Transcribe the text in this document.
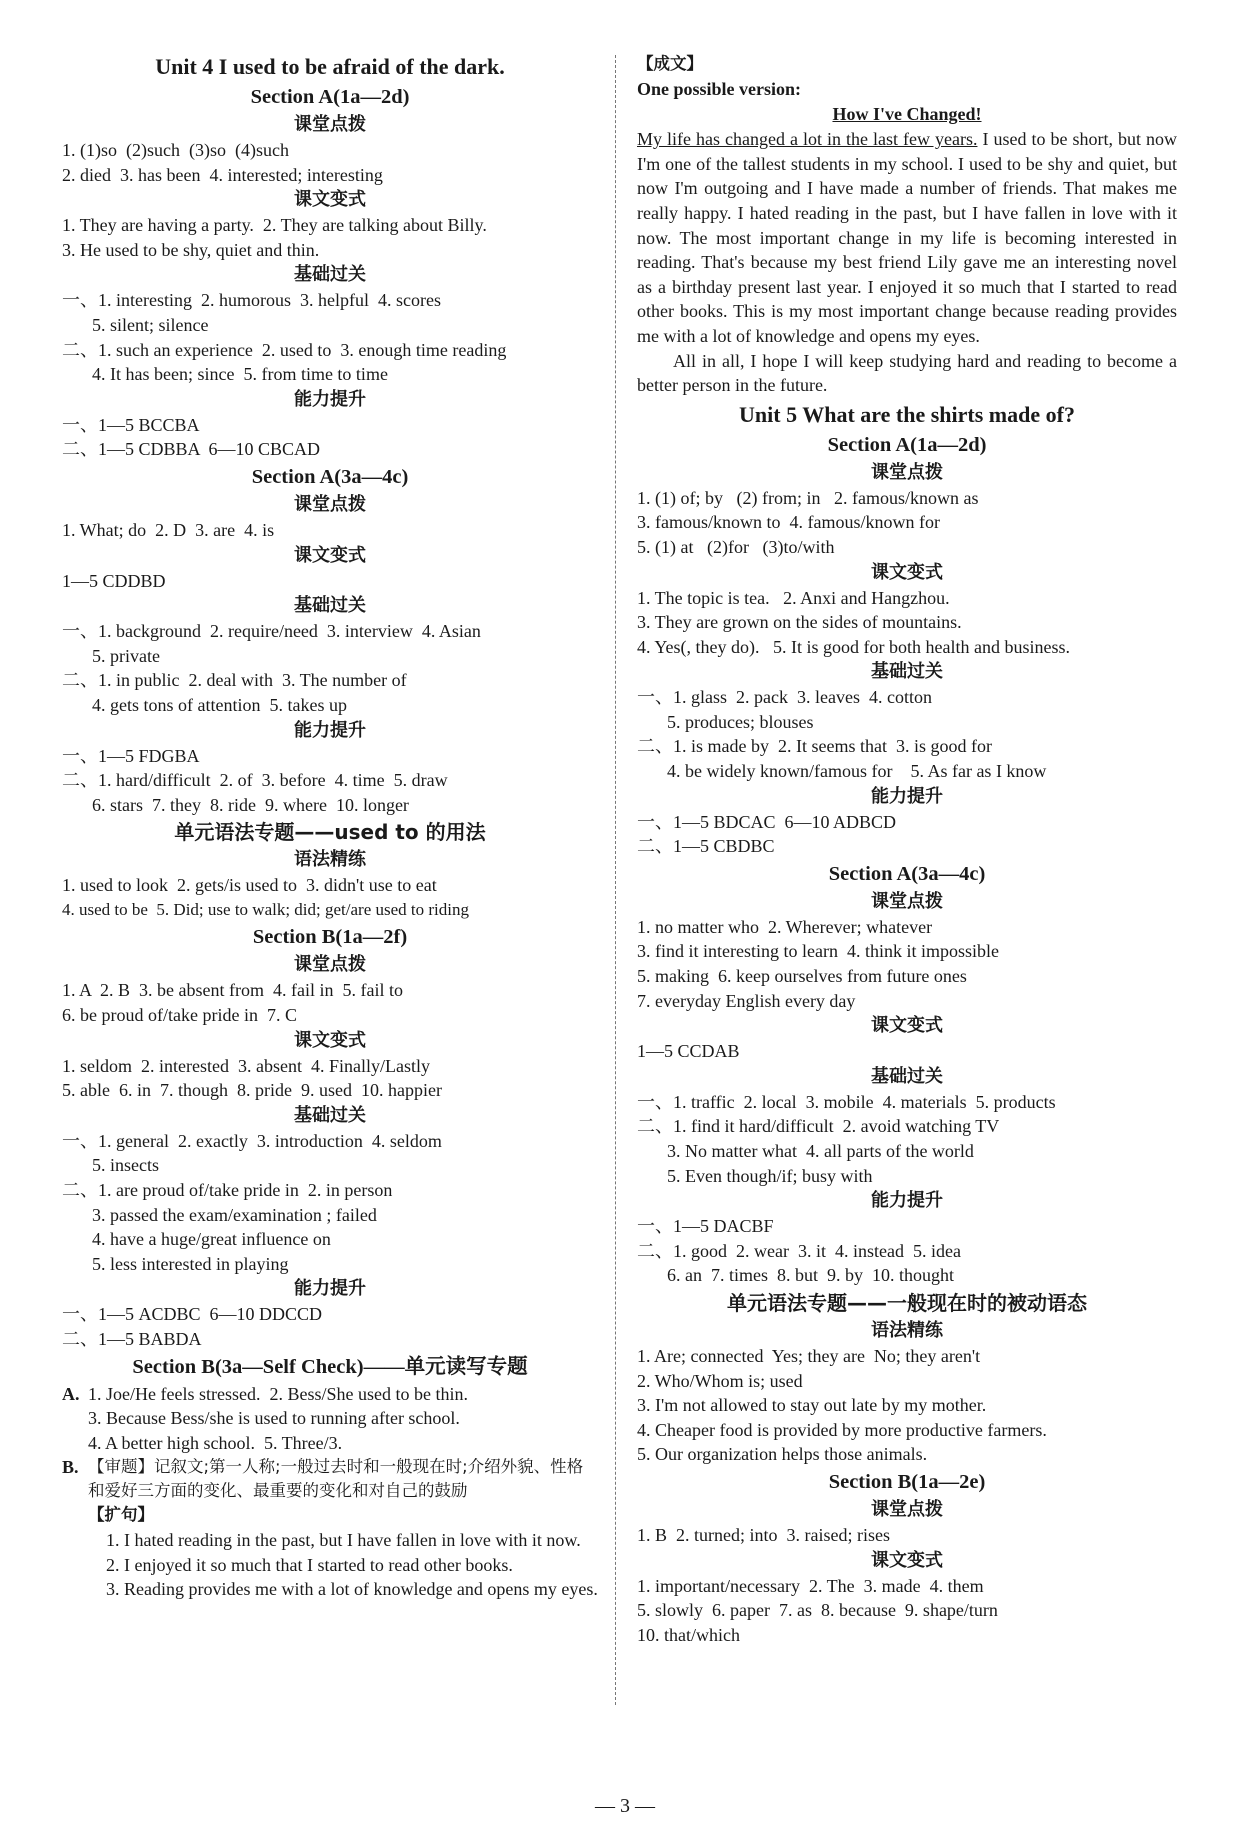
Unit 4 I used to be afraid of the dark.
Section A(1a—2d)
课堂点拨
1. (1)so  (2)such  (3)so  (4)such
2. died  3. has been  4. interested; interesting
课文变式
1. They are having a party.  2. They are talking about Billy.
3. He used to be shy, quiet and thin.
基础过关
一、1. interesting  2. humorous  3. helpful  4. scores
5. silent; silence
二、1. such an experience  2. used to  3. enough time reading
4. It has been; since  5. from time to time
能力提升
一、1—5 BCCBA
二、1—5 CDBBA  6—10 CBCAD
Section A(3a—4c)
课堂点拨
1. What; do  2. D  3. are  4. is
课文变式
1—5 CDDBD
基础过关
一、1. background  2. require/need  3. interview  4. Asian
5. private
二、1. in public  2. deal with  3. The number of
4. gets tons of attention  5. takes up
能力提升
一、1—5 FDGBA
二、1. hard/difficult  2. of  3. before  4. time  5. draw
6. stars  7. they  8. ride  9. where  10. longer
单元语法专题——used to 的用法
语法精练
1. used to look  2. gets/is used to  3. didn't use to eat
4. used to be  5. Did; use to walk; did; get/are used to riding
Section B(1a—2f)
课堂点拨
1. A  2. B  3. be absent from  4. fail in  5. fail to
6. be proud of/take pride in  7. C
课文变式
1. seldom  2. interested  3. absent  4. Finally/Lastly
5. able  6. in  7. though  8. pride  9. used  10. happier
基础过关
一、1. general  2. exactly  3. introduction  4. seldom
5. insects
二、1. are proud of/take pride in  2. in person
3. passed the exam/examination ; failed
4. have a huge/great influence on
5. less interested in playing
能力提升
一、1—5 ACDBC  6—10 DDCCD
二、1—5 BABDA
Section B(3a—Self Check)——单元读写专题
A. 1. Joe/He feels stressed.  2. Bess/She used to be thin.
3. Because Bess/she is used to running after school.
4. A better high school.  5. Three/3.
B. 【审题】记叙文;第一人称;一般过去时和一般现在时;介绍外貌、性格和爱好三方面的变化、最重要的变化和对自己的鼓励
【扩句】
1. I hated reading in the past, but I have fallen in love with it now.
2. I enjoyed it so much that I started to read other books.
3. Reading provides me with a lot of knowledge and opens my eyes.
【成文】
One possible version:
How I've Changed!

My life has changed a lot in the last few years. I used to be short, but now I'm one of the tallest students in my school. I used to be shy and quiet, but now I'm outgoing and I have made a number of friends. That makes me really happy. I hated reading in the past, but I have fallen in love with it now. The most important change in my life is becoming interested in reading. That's because my best friend Lily gave me an interesting novel as a birthday present last year. I enjoyed it so much that I started to read other books. This is my most important change because reading provides me with a lot of knowledge and opens my eyes.

All in all, I hope I will keep studying hard and reading to become a better person in the future.

Unit 5 What are the shirts made of?
Section A(1a—2d)
课堂点拨
1. (1) of; by   (2) from; in   2. famous/known as
3. famous/known to  4. famous/known for
5. (1) at   (2)for   (3)to/with
课文变式
1. The topic is tea.   2. Anxi and Hangzhou.
3. They are grown on the sides of mountains.
4. Yes(, they do).   5. It is good for both health and business.
基础过关
一、1. glass  2. pack  3. leaves  4. cotton
5. produces; blouses
二、1. is made by  2. It seems that  3. is good for
4. be widely known/famous for    5. As far as I know
能力提升
一、1—5 BDCAC  6—10 ADBCD
二、1—5 CBDBC
Section A(3a—4c)
课堂点拨
1. no matter who  2. Wherever; whatever
3. find it interesting to learn  4. think it impossible
5. making  6. keep ourselves from future ones
7. everyday English every day
课文变式
1—5 CCDAB
基础过关
一、1. traffic  2. local  3. mobile  4. materials  5. products
二、1. find it hard/difficult  2. avoid watching TV
3. No matter what  4. all parts of the world
5. Even though/if; busy with
能力提升
一、1—5 DACBF
二、1. good  2. wear  3. it  4. instead  5. idea
6. an  7. times  8. but  9. by  10. thought
单元语法专题——一般现在时的被动语态
语法精练
1. Are; connected  Yes; they are  No; they aren't
2. Who/Whom is; used
3. I'm not allowed to stay out late by my mother.
4. Cheaper food is provided by more productive farmers.
5. Our organization helps those animals.
Section B(1a—2e)
课堂点拨
1. B  2. turned; into  3. raised; rises
课文变式
1. important/necessary  2. The  3. made  4. them
5. slowly  6. paper  7. as  8. because  9. shape/turn
10. that/which
— 3 —
